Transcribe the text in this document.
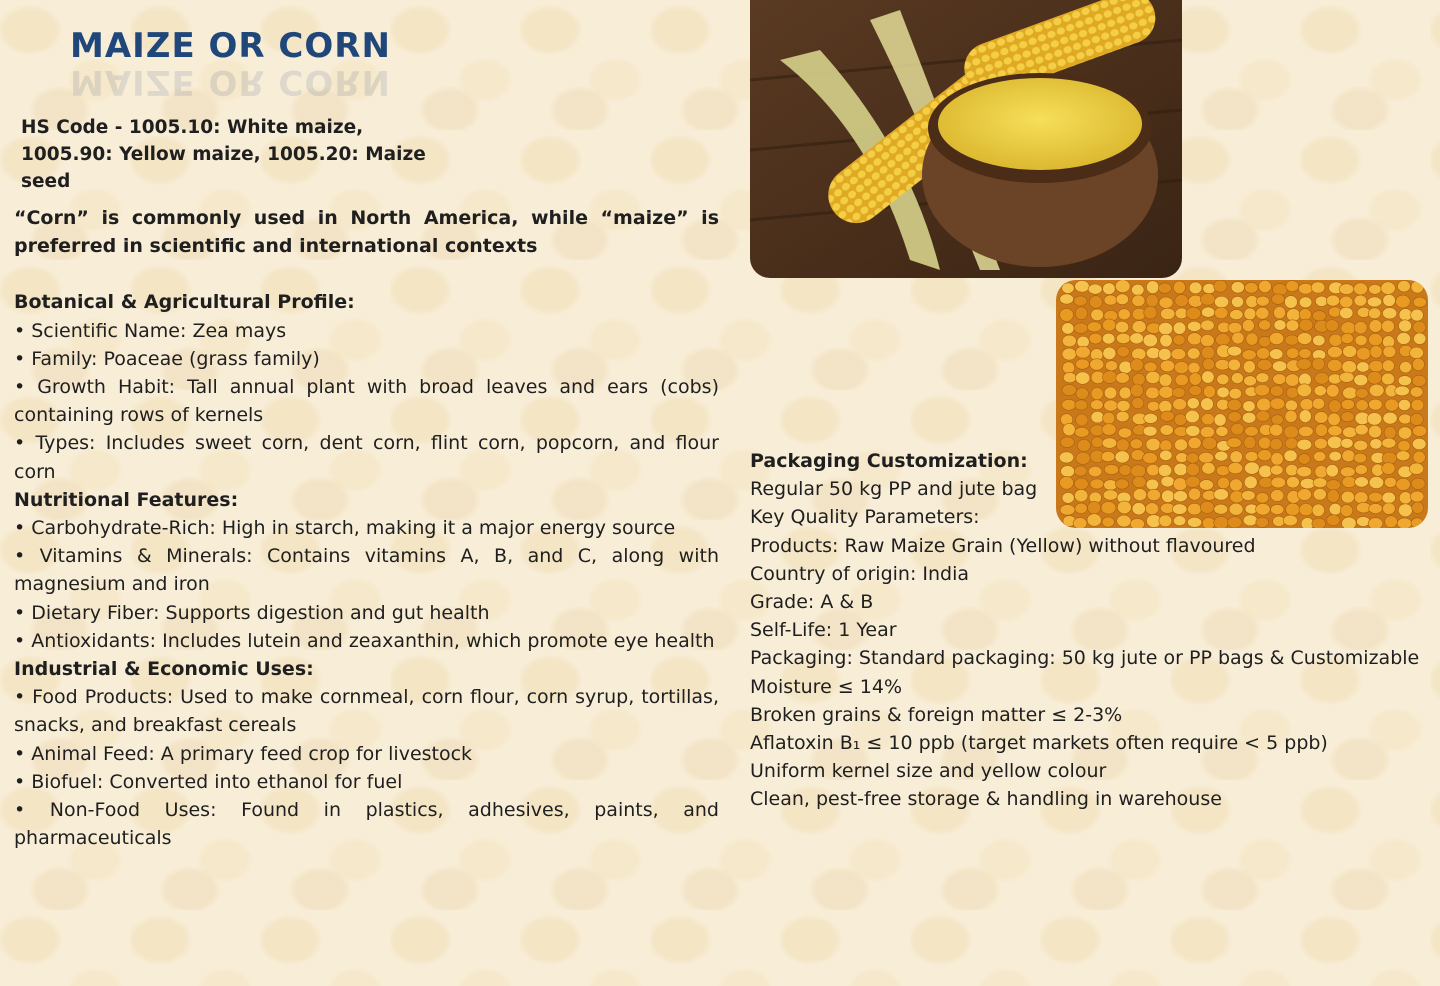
MAIZE OR CORN
MAIZE OR CORN
HS Code - 1005.10: White maize, 1005.90: Yellow maize, 1005.20: Maize seed

“Corn” is commonly used in North America, while “maize” is preferred in scientific and international contexts

Botanical & Agricultural Profile:

• Scientific Name: Zea mays

• Family: Poaceae (grass family)

• Growth Habit: Tall annual plant with broad leaves and ears (cobs) containing rows of kernels

• Types: Includes sweet corn, dent corn, flint corn, popcorn, and flour corn

Nutritional Features:

• Carbohydrate-Rich: High in starch, making it a major energy source

• Vitamins & Minerals: Contains vitamins A, B, and C, along with magnesium and iron

• Dietary Fiber: Supports digestion and gut health

• Antioxidants: Includes lutein and zeaxanthin, which promote eye health

Industrial & Economic Uses:

• Food Products: Used to make cornmeal, corn flour, corn syrup, tortillas, snacks, and breakfast cereals

• Animal Feed: A primary feed crop for livestock

• Biofuel: Converted into ethanol for fuel

• Non-Food Uses: Found in plastics, adhesives, paints, and pharmaceuticals

Packaging Customization:

Regular 50 kg PP and jute bag

Key Quality Parameters:

Products: Raw Maize Grain (Yellow) without flavoured

Country of origin: India

Grade: A & B

Self-Life: 1 Year

Packaging: Standard packaging: 50 kg jute or PP bags & Customizable

Moisture ≤ 14%

Broken grains & foreign matter ≤ 2-3%

Aflatoxin B₁ ≤ 10 ppb (target markets often require < 5 ppb)

Uniform kernel size and yellow colour

Clean, pest-free storage & handling in warehouse
